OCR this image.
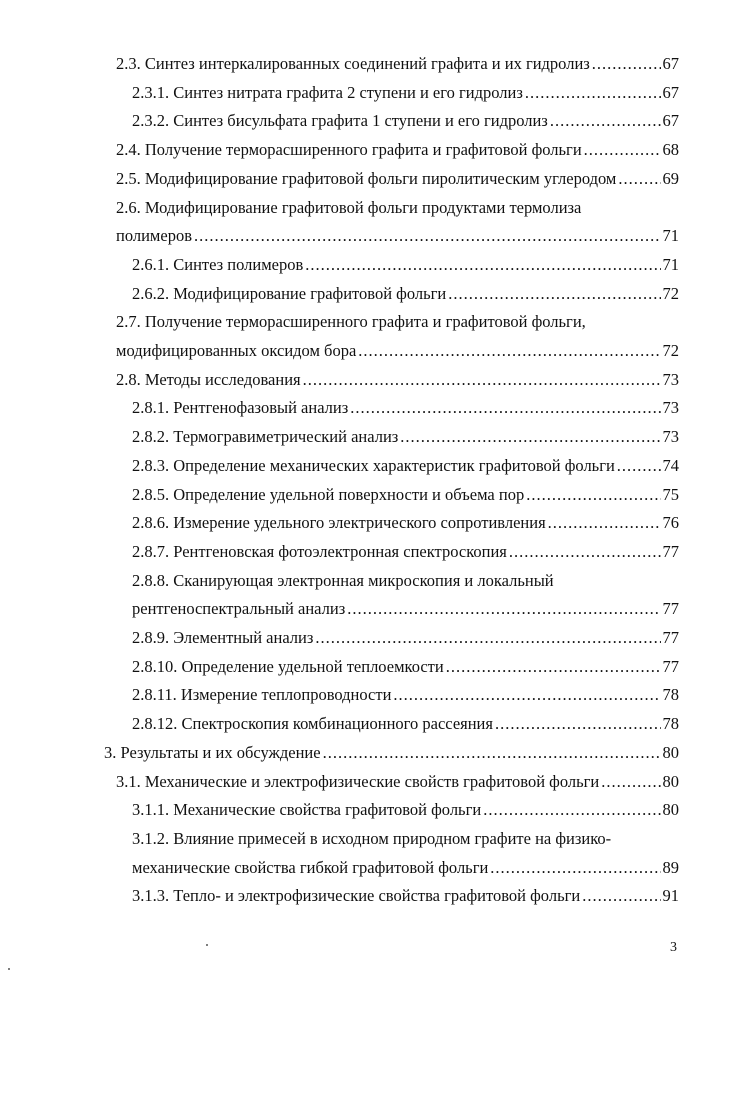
2.3. Синтез интеркалированных соединений графита и их гидролиз .....	67
2.3.1. Синтез нитрата графита 2 ступени и его гидролиз .....	67
2.3.2. Синтез бисульфата графита 1 ступени и его гидролиз .....	67
2.4. Получение терморасширенного графита и графитовой фольги .....	68
2.5. Модифицирование графитовой фольги пиролитическим углеродом .....	69
2.6. Модифицирование графитовой фольги продуктами термолиза
полимеров .....	71
2.6.1. Синтез полимеров .....	71
2.6.2. Модифицирование графитовой фольги .....	72
2.7. Получение терморасширенного графита и графитовой фольги,
модифицированных оксидом бора .....	72
2.8. Методы исследования .....	73
2.8.1. Рентгенофазовый анализ .....	73
2.8.2. Термогравиметрический анализ .....	73
2.8.3. Определение механических характеристик графитовой фольги .....	74
2.8.5. Определение удельной поверхности и объема пор .....	75
2.8.6. Измерение удельного электрического сопротивления .....	76
2.8.7. Рентгеновская фотоэлектронная спектроскопия .....	77
2.8.8. Сканирующая электронная микроскопия и локальный
рентгеноспектральный анализ .....	77
2.8.9. Элементный анализ .....	77
2.8.10. Определение удельной теплоемкости .....	77
2.8.11. Измерение теплопроводности .....	78
2.8.12. Спектроскопия комбинационного рассеяния .....	78
3. Результаты и их обсуждение .....	80
3.1. Механические и электрофизические свойств графитовой фольги .....	80
3.1.1. Механические свойства графитовой фольги .....	80
3.1.2. Влияние примесей в исходном природном графите на физико-
механические свойства гибкой графитовой фольги .....	89
3.1.3. Тепло- и электрофизические свойства графитовой фольги .....	91
3
